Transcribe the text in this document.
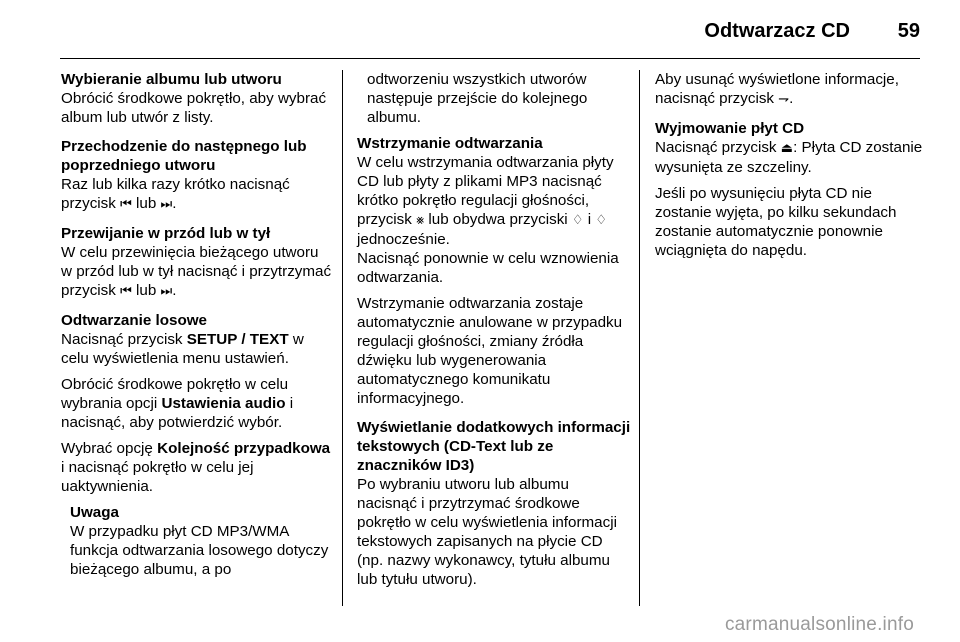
Odtwarzacz CD 59
Wybieranie albumu lub utworu
Obrócić środkowe pokrętło, aby wybrać album lub utwór z listy.
Przechodzenie do następnego lub poprzedniego utworu
Raz lub kilka razy krótko nacisnąć przycisk ⏮ lub ⏭.
Przewijanie w przód lub w tył
W celu przewinięcia bieżącego utworu w przód lub w tył nacisnąć i przytrzymać przycisk ⏮ lub ⏭.
Odtwarzanie losowe
Nacisnąć przycisk SETUP / TEXT w celu wyświetlenia menu ustawień.
Obrócić środkowe pokrętło w celu wybrania opcji Ustawienia audio i nacisnąć, aby potwierdzić wybór.
Wybrać opcję Kolejność przypadkowa i nacisnąć pokrętło w celu jej uaktywnienia.
Uwaga
W przypadku płyt CD MP3/WMA funkcja odtwarzania losowego dotyczy bieżącego albumu, a po
odtworzeniu wszystkich utworów następuje przejście do kolejnego albumu.
Wstrzymanie odtwarzania
W celu wstrzymania odtwarzania płyty CD lub płyty z plikami MP3 nacisnąć krótko pokrętło regulacji głośności, przycisk ⨳ lub obydwa przyciski ♢ i ♢ jednocześnie.
Nacisnąć ponownie w celu wznowienia odtwarzania.
Wstrzymanie odtwarzania zostaje automatycznie anulowane w przypadku regulacji głośności, zmiany źródła dźwięku lub wygenerowania automatycznego komunikatu informacyjnego.
Wyświetlanie dodatkowych informacji tekstowych (CD-Text lub ze znaczników ID3)
Po wybraniu utworu lub albumu nacisnąć i przytrzymać środkowe pokrętło w celu wyświetlenia informacji tekstowych zapisanych na płycie CD (np. nazwy wykonawcy, tytułu albumu lub tytułu utworu).
Aby usunąć wyświetlone informacje, nacisnąć przycisk ⇁.
Wyjmowanie płyt CD
Nacisnąć przycisk ⏏: Płyta CD zostanie wysunięta ze szczeliny.
Jeśli po wysunięciu płyta CD nie zostanie wyjęta, po kilku sekundach zostanie automatycznie ponownie wciągnięta do napędu.
carmanualsonline.info
